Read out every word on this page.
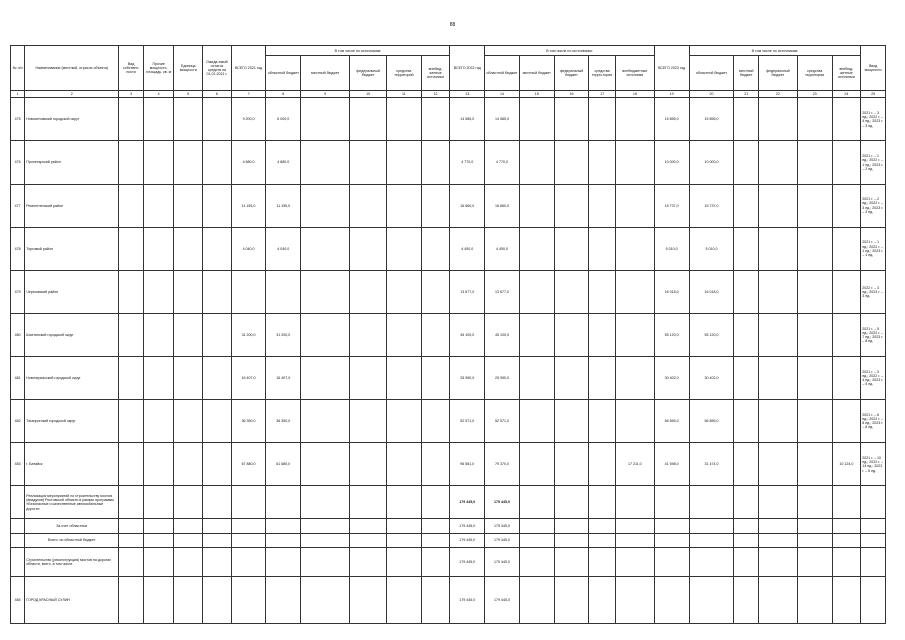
88
№ п/п	Наименование (местный, отрасль объекта)	Вид собствен-ности	Прочие мощность, площадь, кв. м	Единица мощности	Ожида-емый остаток средств на 01.01.2021 г.	ВСЕГО 2021 год	В том числе по источникам:					ВСЕГО 2022 год	В том числе по источникам:					ВСЕГО 2023 год	В том числе по источникам:					Ввод мощности
							областной бюджет	местный бюджет	федеральный бюджет	средства территорий	внебюд-жетные источники		областной бюджет	местный бюджет	федеральный бюджет	средства терри-тории	внебюджетные источники		областной бюджет	местный бюджет	федеральный бюджет	средства территории	внебюд-жетные источники	
1	2	3	4	5	6	7	8	9	10	11	12	13	14	15	16	17	18	19	20	21	22	23	24	25
475	Новоселовский городской округ					9 200,0	6 000,0					14 585,0	14 585,0					15 855,0	15 855,0					2021 г. – 3 ед.; 2022 г. – 4 ед.; 2023 г. – 3 ед.
476	Пролетарский район					4 680,0	4 680,0					4 770,0	4 770,0					10 000,0	10 000,0					2021 г. – 1 ед.; 2022 г. – 1 ед.; 2023 г. – 2 ед.
477	Ремонтненский район					11 155,0	11 155,0					16 660,0	16 660,0					15 737,0	15 737,0					2021 г. – 2 ед.; 2022 г. – 3 ед.; 2023 г. – 3 ед.
478	Торговый район					4 040,0	4 040,0					4 450,0	4 450,0					5 010,0	5 010,0					2021 г. – 1 ед.; 2022 г. – 1 ед.; 2023 г. – 1 ед.
479	Чертковский район											13 677,0	13 677,0					16 018,0	16 018,0					2022 г. – 3 ед.; 2023 г. – 3 ед.
480	Шахтинский городской округ					31 200,0	31 200,0					45 100,0	45 100,0					55 120,0	55 120,0					2021 г. – 5 ед.; 2022 г. – 7 ед.; 2023 г. – 8 ед.
481	Новочеркасский городской округ					16 407,0	16 407,0					25 950,0	25 950,0					30 402,0	30 402,0					2021 г. – 3 ед.; 2022 г. – 4 ед.; 2023 г. – 5 ед.
482	Таганрогский городской округ					36 350,0	36 350,0					52 571,0	52 571,0					56 855,0	56 855,0					2021 г. – 6 ед.; 2022 г. – 8 ед.; 2023 г. – 8 ед.
483	г. Батайск					67 880,0	61 680,0					96 581,0	79 370,0				17 211,0	41 598,0	31 474,0				10 124,0	2021 г. – 10 ед.; 2022 г. – 14 ед.; 2023 г. – 6 ед.
	Реализация мероприятий по строительству мостов (виадуков) Ростовской области в рамках программы «Безопасные и качественные автомобильные дороги»											179 445,0	179 445,0											
	За счет областных											179 445,0	179 445,0											
	Всего: по областной бюджет											179 445,0	179 445,0											
	Строительство (реконструкция) мостов на дорогах области, всего, в том числе											179 445,0	179 445,0											
484	ГОРОД КРАСНЫЙ СУЛИН											179 445,0	179 445,0											
